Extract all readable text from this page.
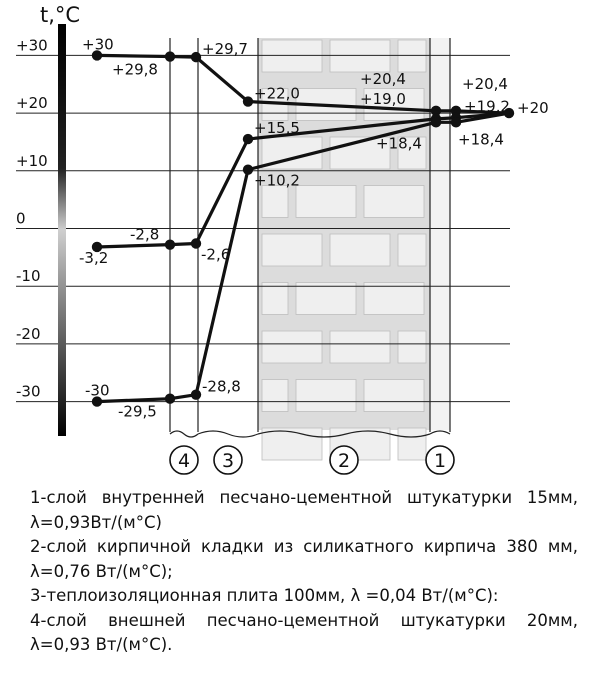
t,°C
+30
+20
+10
0
-10
-20
-30
+30
+29,8
+29,7
+22,0
+20,4	+20,4
+20
-3,2
-2,8
-2,6
+15,5
+19,0	+19,2
-30
-29,5
-28,8
+10,2
+18,4 +18,4
4 3	2	1

1-слой внутренней песчано-цементной штукатурки 15мм, λ=0,93Вт/(м°С)

2-слой кирпичной кладки из силикатного кирпича 380 мм, λ=0,76 Вт/(м°С);

3-теплоизоляционная плита 100мм, λ =0,04 Вт/(м°С):

4-слой внешней песчано-цементной штукатурки 20мм, λ=0,93 Вт/(м°С).
